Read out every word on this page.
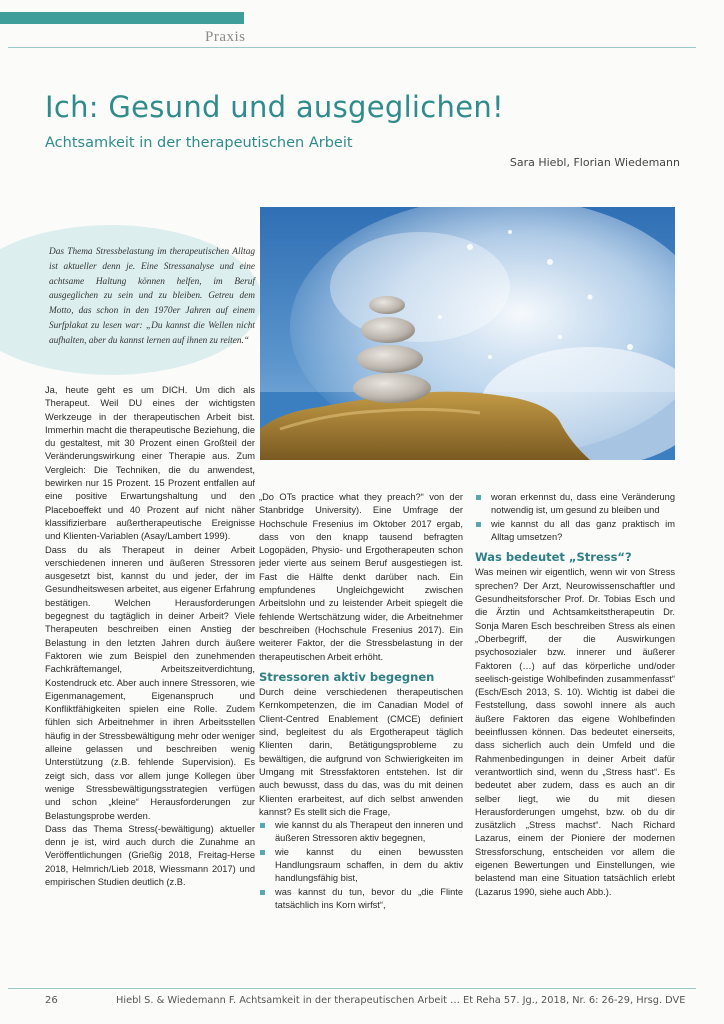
Praxis
Ich: Gesund und ausgeglichen!
Achtsamkeit in der therapeutischen Arbeit
Sara Hiebl, Florian Wiedemann

Das Thema Stressbelastung im therapeutischen Alltag ist aktueller denn je. Eine Stressanalyse und eine achtsame Haltung können helfen, im Beruf ausgeglichen zu sein und zu bleiben. Getreu dem Motto, das schon in den 1970er Jahren auf einem Surfplakat zu lesen war: „Du kannst die Wellen nicht aufhalten, aber du kannst lernen auf ihnen zu reiten.“

Ja, heute geht es um DICH. Um dich als Therapeut. Weil DU eines der wichtigsten Werkzeuge in der therapeutischen Arbeit bist. Immerhin macht die therapeutische Beziehung, die du gestaltest, mit 30 Prozent einen Großteil der Veränderungswirkung einer Therapie aus. Zum Vergleich: Die Techniken, die du anwendest, bewirken nur 15 Prozent. 15 Prozent entfallen auf eine positive Erwartungshaltung und den Placeboeffekt und 40 Prozent auf nicht näher klassifizierbare außertherapeutische Ereignisse und Klienten-Variablen (Asay/Lambert 1999).

Dass du als Therapeut in deiner Arbeit verschiedenen inneren und äußeren Stressoren ausgesetzt bist, kannst du und jeder, der im Gesundheitswesen arbeitet, aus eigener Erfahrung bestätigen. Welchen Herausforderungen begegnest du tagtäglich in deiner Arbeit? Viele Therapeuten beschreiben einen Anstieg der Belastung in den letzten Jahren durch äußere Faktoren wie zum Beispiel den zunehmenden Fachkräftemangel, Arbeitszeitverdichtung, Kostendruck etc. Aber auch innere Stressoren, wie Eigenmanagement, Eigenanspruch und Konfliktfähigkeiten spielen eine Rolle. Zudem fühlen sich Arbeitnehmer in ihren Arbeitsstellen häufig in der Stressbewältigung mehr oder weniger alleine gelassen und beschreiben wenig Unterstützung (z.B. fehlende Supervision). Es zeigt sich, dass vor allem junge Kollegen über wenige Stressbewältigungsstrategien verfügen und schon „kleine“ Herausforderungen zur Belastungsprobe werden.

Dass das Thema Stress(-bewältigung) aktueller denn je ist, wird auch durch die Zunahme an Veröffentlichungen (Grießig 2018, Freitag-Herse 2018, Helmrich/Lieb 2018, Wiessmann 2017) und empirischen Studien deutlich (z.B.

„Do OTs practice what they preach?“ von der Stanbridge University). Eine Umfrage der Hochschule Fresenius im Oktober 2017 ergab, dass von den knapp tausend befragten Logopäden, Physio- und Ergotherapeuten schon jeder vierte aus seinem Beruf ausgestiegen ist. Fast die Hälfte denkt darüber nach. Ein empfundenes Ungleichgewicht zwischen Arbeitslohn und zu leistender Arbeit spiegelt die fehlende Wertschätzung wider, die Arbeitnehmer beschreiben (Hochschule Fresenius 2017). Ein weiterer Faktor, der die Stressbelastung in der therapeutischen Arbeit erhöht.

Stressoren aktiv begegnen

Durch deine verschiedenen therapeutischen Kernkompetenzen, die im Canadian Model of Client-Centred Enablement (CMCE) definiert sind, begleitest du als Ergotherapeut täglich Klienten darin, Betätigungsprobleme zu bewältigen, die aufgrund von Schwierigkeiten im Umgang mit Stressfaktoren entstehen. Ist dir auch bewusst, dass du das, was du mit deinen Klienten erarbeitest, auf dich selbst anwenden kannst? Es stellt sich die Frage,

wie kannst du als Therapeut den inneren und äußeren Stressoren aktiv begegnen,
wie kannst du einen bewussten Handlungsraum schaffen, in dem du aktiv handlungsfähig bist,
was kannst du tun, bevor du „die Flinte tatsächlich ins Korn wirfst“,
woran erkennst du, dass eine Veränderung notwendig ist, um gesund zu bleiben und
wie kannst du all das ganz praktisch im Alltag umsetzen?
Was bedeutet „Stress“?

Was meinen wir eigentlich, wenn wir von Stress sprechen? Der Arzt, Neurowissenschaftler und Gesundheitsforscher Prof. Dr. Tobias Esch und die Ärztin und Achtsamkeitstherapeutin Dr. Sonja Maren Esch beschreiben Stress als einen „Oberbegriff, der die Auswirkungen psychosozialer bzw. innerer und äußerer Faktoren (…) auf das körperliche und/oder seelisch-geistige Wohlbefinden zusammenfasst“ (Esch/Esch 2013, S. 10). Wichtig ist dabei die Feststellung, dass sowohl innere als auch äußere Faktoren das eigene Wohlbefinden beeinflussen können. Das bedeutet einerseits, dass sicherlich auch dein Umfeld und die Rahmenbedingungen in deiner Arbeit dafür verantwortlich sind, wenn du „Stress hast“. Es bedeutet aber zudem, dass es auch an dir selber liegt, wie du mit diesen Herausforderungen umgehst, bzw. ob du dir zusätzlich „Stress machst“. Nach Richard Lazarus, einem der Pioniere der modernen Stressforschung, entscheiden vor allem die eigenen Bewertungen und Einstellungen, wie belastend man eine Situation tatsächlich erlebt (Lazarus 1990, siehe auch Abb.).

26	Hiebl S. & Wiedemann F. Achtsamkeit in der therapeutischen Arbeit … Et Reha 57. Jg., 2018, Nr. 6: 26-29, Hrsg. DVE
